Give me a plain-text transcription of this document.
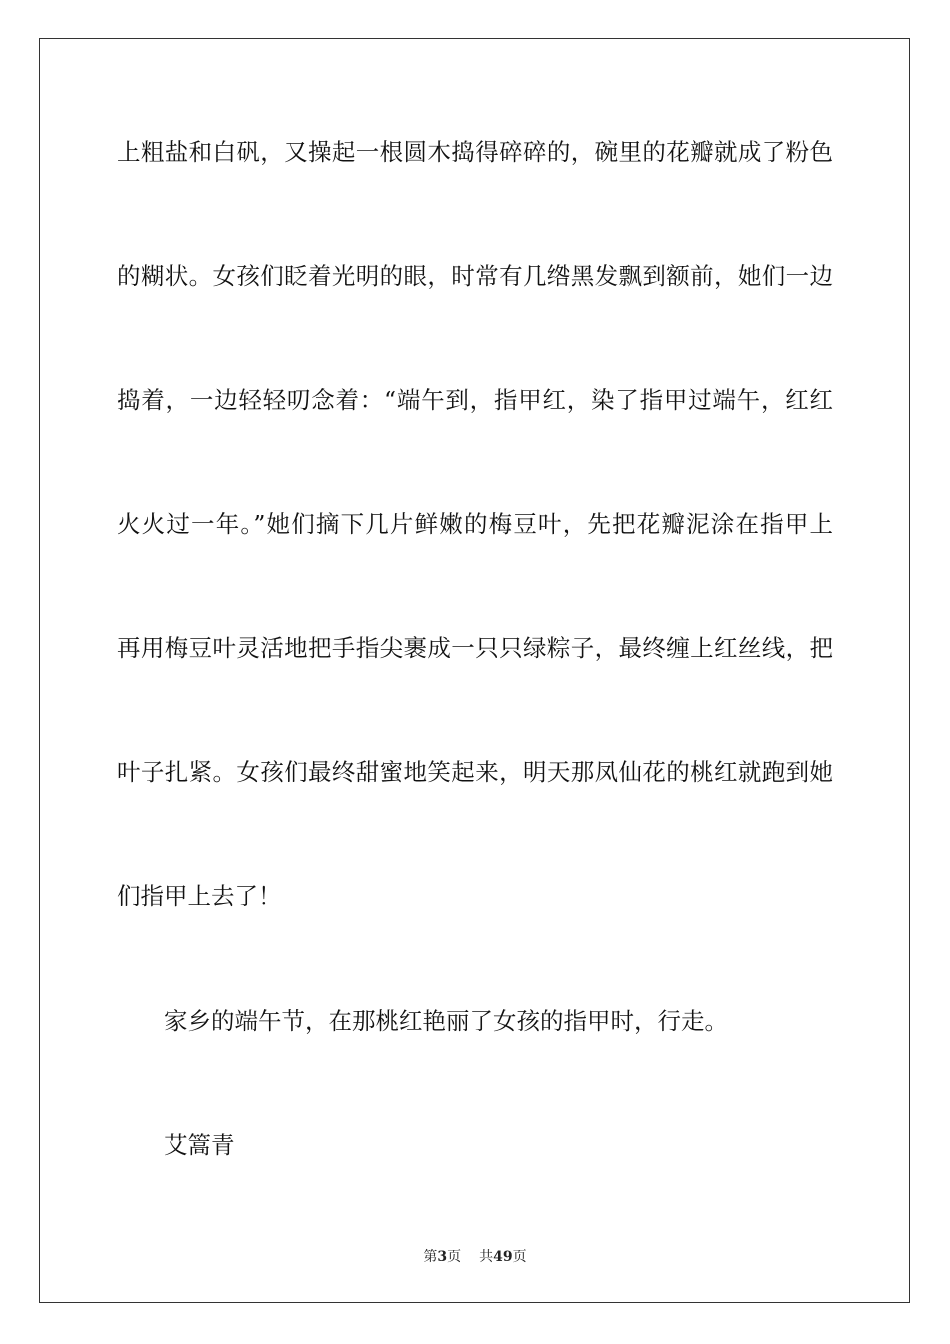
上粗盐和白矾，又操起一根圆木捣得碎碎的，碗里的花瓣就成了粉色
的糊状。女孩们眨着光明的眼，时常有几绺黑发飘到额前，她们一边
捣着，一边轻轻叨念着：“端午到，指甲红，染了指甲过端午，红红
火火过一年。”她们摘下几片鲜嫩的梅豆叶，先把花瓣泥涂在指甲上
再用梅豆叶灵活地把手指尖裹成一只只绿粽子，最终缠上红丝线，把
叶子扎紧。女孩们最终甜蜜地笑起来，明天那凤仙花的桃红就跑到她
们指甲上去了！
家乡的端午节，在那桃红艳丽了女孩的指甲时，行走。
艾篙青
第3页 共49页
